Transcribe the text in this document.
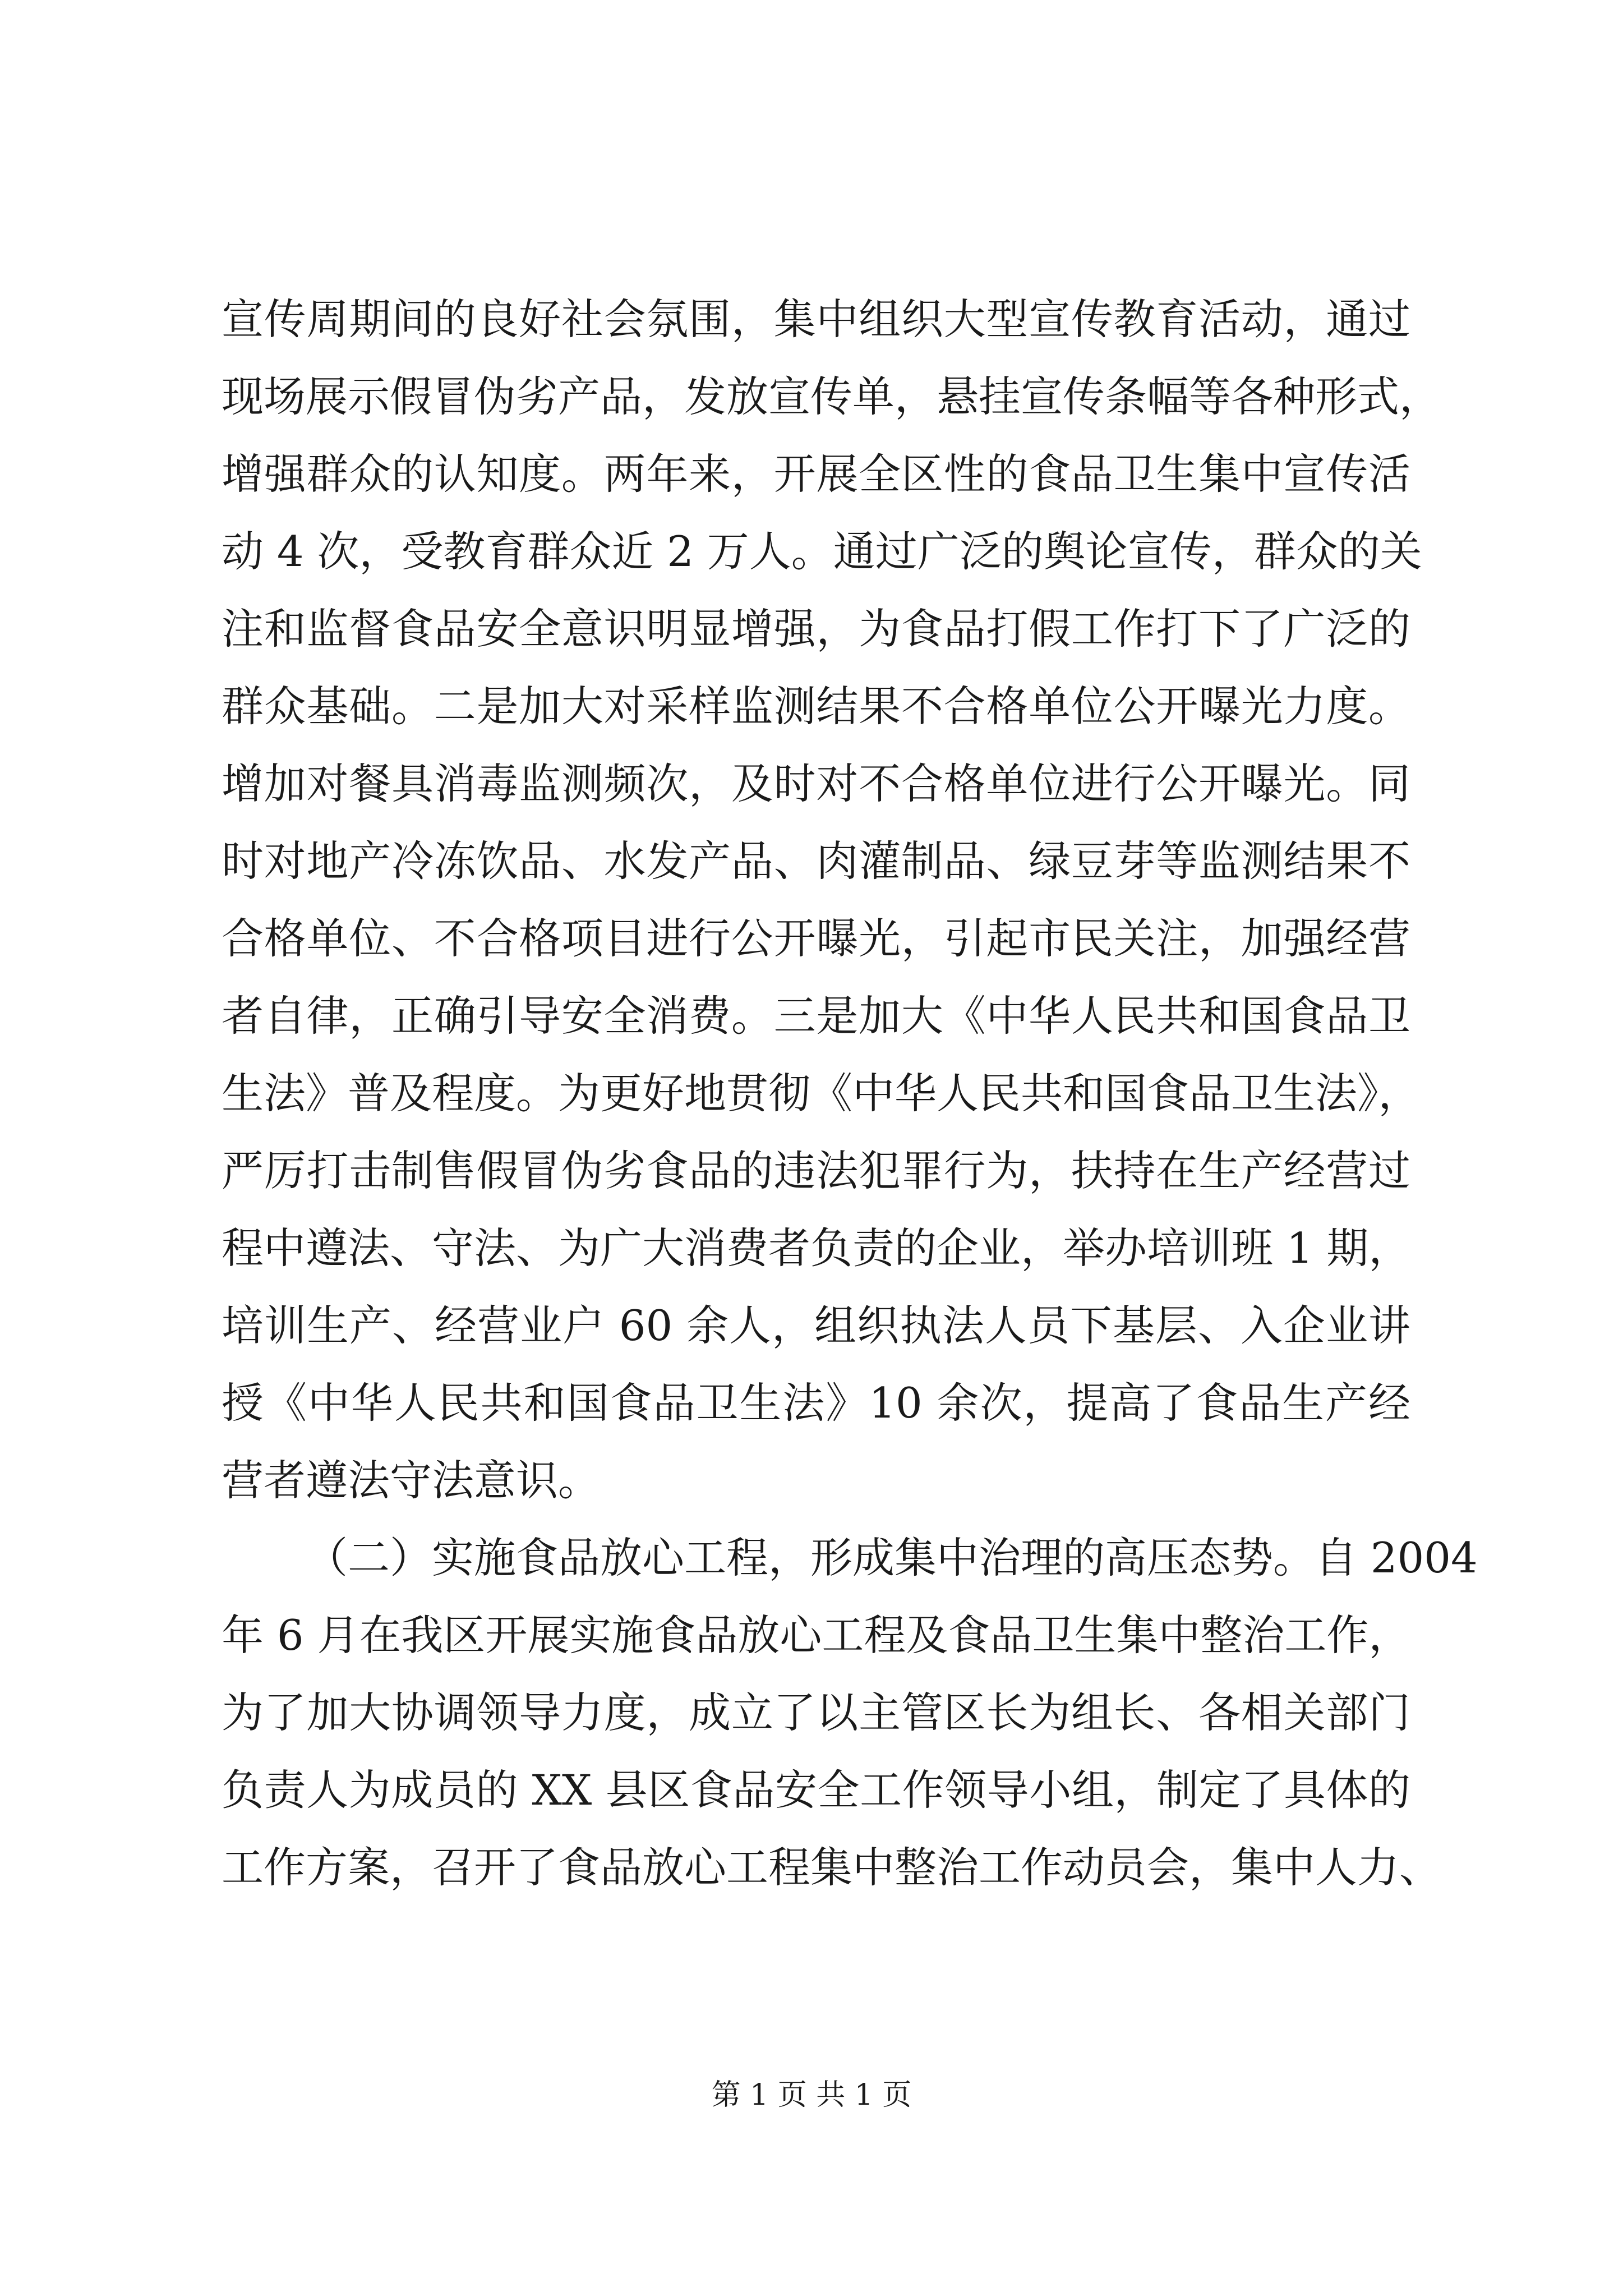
宣传周期间的良好社会氛围，集中组织大型宣传教育活动，通过
现场展示假冒伪劣产品，发放宣传单，悬挂宣传条幅等各种形式，
增强群众的认知度。两年来，开展全区性的食品卫生集中宣传活
动 4 次，受教育群众近 2 万人。通过广泛的舆论宣传，群众的关
注和监督食品安全意识明显增强，为食品打假工作打下了广泛的
群众基础。二是加大对采样监测结果不合格单位公开曝光力度。
增加对餐具消毒监测频次，及时对不合格单位进行公开曝光。同
时对地产冷冻饮品、水发产品、肉灌制品、绿豆芽等监测结果不
合格单位、不合格项目进行公开曝光，引起市民关注，加强经营
者自律，正确引导安全消费。三是加大《中华人民共和国食品卫
生法》普及程度。为更好地贯彻《中华人民共和国食品卫生法》，
严厉打击制售假冒伪劣食品的违法犯罪行为，扶持在生产经营过
程中遵法、守法、为广大消费者负责的企业，举办培训班 1 期，
培训生产、经营业户 60 余人，组织执法人员下基层、入企业讲
授《中华人民共和国食品卫生法》10 余次，提高了食品生产经
营者遵法守法意识。
（二）实施食品放心工程，形成集中治理的高压态势。自 2004
年 6 月在我区开展实施食品放心工程及食品卫生集中整治工作，
为了加大协调领导力度，成立了以主管区长为组长、各相关部门
负责人为成员的 XX 县区食品安全工作领导小组，制定了具体的
工作方案，召开了食品放心工程集中整治工作动员会，集中人力、
第 1 页 共 1 页
